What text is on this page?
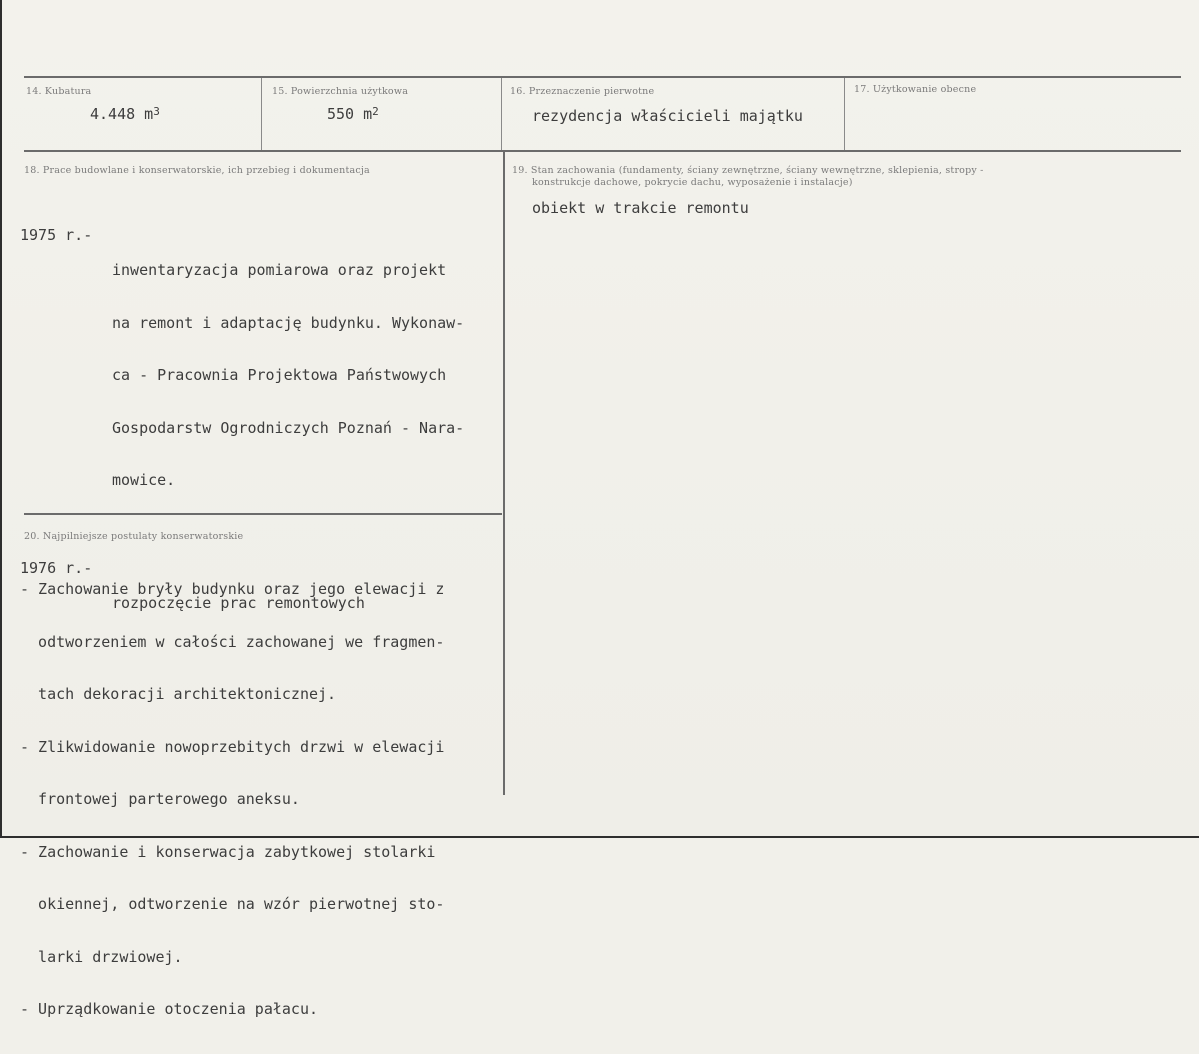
14. Kubatura
4.448 $m^3$
15. Powierzchnia użytkowa
550 $m^2$
16. Przeznaczenie pierwotne
rezydencja właścicieli majątku
17. Użytkowanie obecne
18. Prace budowlane i konserwatorskie, ich przebieg i dokumentacja

1975 r.-

inwentaryzacja pomiarowa oraz projekt

na remont i adaptację budynku. Wykonaw-

ca - Pracownia Projektowa Państwowych

Gospodarstw Ogrodniczych Poznań - Nara-

mowice.

1976 r.-

rozpoczęcie prac remontowych

19. Stan zachowania (fundamenty, ściany zewnętrzne, ściany wewnętrzne, sklepienia, stropy -
konstrukcje dachowe, pokrycie dachu, wyposażenie i instalacje)
obiekt w trakcie remontu
20. Najpilniejsze postulaty konserwatorskie

- Zachowanie bryły budynku oraz jego elewacji z

odtworzeniem w całości zachowanej we fragmen-

tach dekoracji architektonicznej.

- Zlikwidowanie nowoprzebitych drzwi w elewacji

frontowej parterowego aneksu.

- Zachowanie i konserwacja zabytkowej stolarki

okiennej, odtworzenie na wzór pierwotnej sto-

larki drzwiowej.

- Uprządkowanie otoczenia pałacu.
